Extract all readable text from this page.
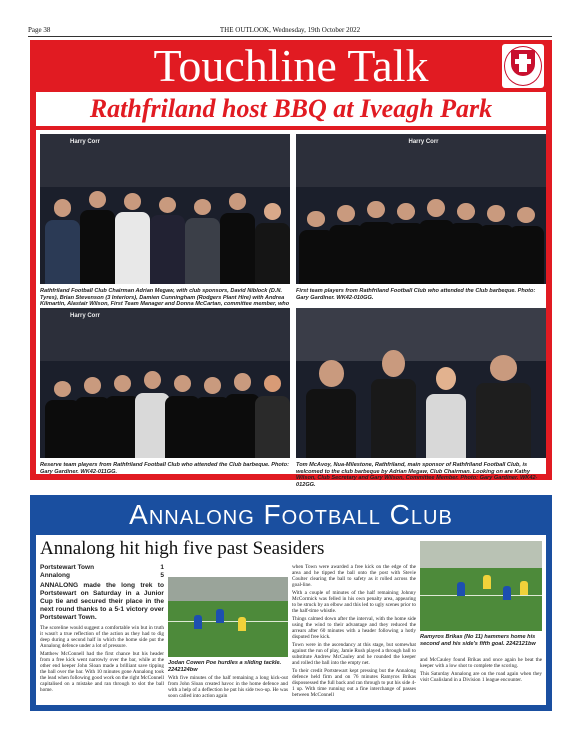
Page 38	THE OUTLOOK, Wednesday, 19th October 2022
Touchline Talk
Rathfriland host BBQ at Iveagh Park
Harry Corr
Rathfriland Football Club Chairman Adrian Megaw, with club sponsors, David Niblock (D.N. Tyres), Brian Stevenson (3 Interiors), Damien Cunningham (Rodgers Plant Hire) with Andrea Kilmartin, Alastair Wilson, First Team Manager and Donna McCartan, committee member, who
Harry Corr
First team players from Rathfriland Football Club who attended the Club barbeque. Photo: Gary Gardiner. WK42-010GG.
Harry Corr
Reserve team players from Rathfriland Football Club who attended the Club barbeque. Photo: Gary Gardiner. WK42-011GG.
Tom McAvoy, Nua-Milestone, Rathfriland, main sponsor of Rathfriland Football Club, is welcomed to the club barbeque by Adrian Megaw, Club Chairman. Looking on are Kathy Wilson, Club Secretary and Gary Wilson, Committee Member. Photo: Gary Gardiner. WK42-012GG.
Annalong Football Club
Annalong hit high five past Seasiders
Portstewart Town	1
Annalong	5
ANNALONG made the long trek to Portstewart on Saturday in a Junior Cup tie and secured their place in the next round thanks to a 5-1 victory over Portstewart Town.

The scoreline would suggest a comfortable win but in truth it wasn't a true reflection of the action as they had to dig deep during a second half in which the home side put the Annalong defence under a lot of pressure.

Matthew McConnell had the first chance but his header from a free kick went narrowly over the bar, while at the other end keeper John Sloan made a brilliant save tipping the ball over the bar. With 10 minutes gone Annalong took the lead when following good work on the right McConnell capitalised on a mistake and ran through to slot the ball home.

Jodan Cowen Poe hurdles a sliding tackle. 2242124bw

With five minutes of the half remaining a long kick-out from John Sloan created havoc in the home defence and with a help of a deflection he put his side two-up. He was soon called into action again

when Town were awarded a free kick on the edge of the area and he tipped the ball onto the post with Stevie Coulter clearing the ball to safety as it rolled across the goal-line.

With a couple of minutes of the half remaining Johnny McCormick was felled in his own penalty area, appearing to be struck by an elbow and this led to ugly scenes prior to the half-time whistle.

Things calmed down after the interval, with the home side using the wind to their advantage and they reduced the arrears after 60 minutes with a header following a hotly disputed free kick.

Town were in the ascendancy at this stage, but somewhat against the run of play, Jamie Rush played a through ball to substitute Andrew McCauley and he rounded the keeper and rolled the ball into the empty net.

To their credit Portstewart kept pressing but the Annalong defence held firm and on 76 minutes Ramyros Brikas dispossessed the full back and ran through to put his side 4-1 up. With time running out a fine interchange of passes between McConnell

Ramyros Brikas (No 11) hammers home his second and his side's fifth goal. 2242121bw

and McCauley found Brikas and once again he beat the keeper with a low shot to complete the scoring.

This Saturday Annalong are on the road again when they visit Coalisland in a Division 1 league encounter.
